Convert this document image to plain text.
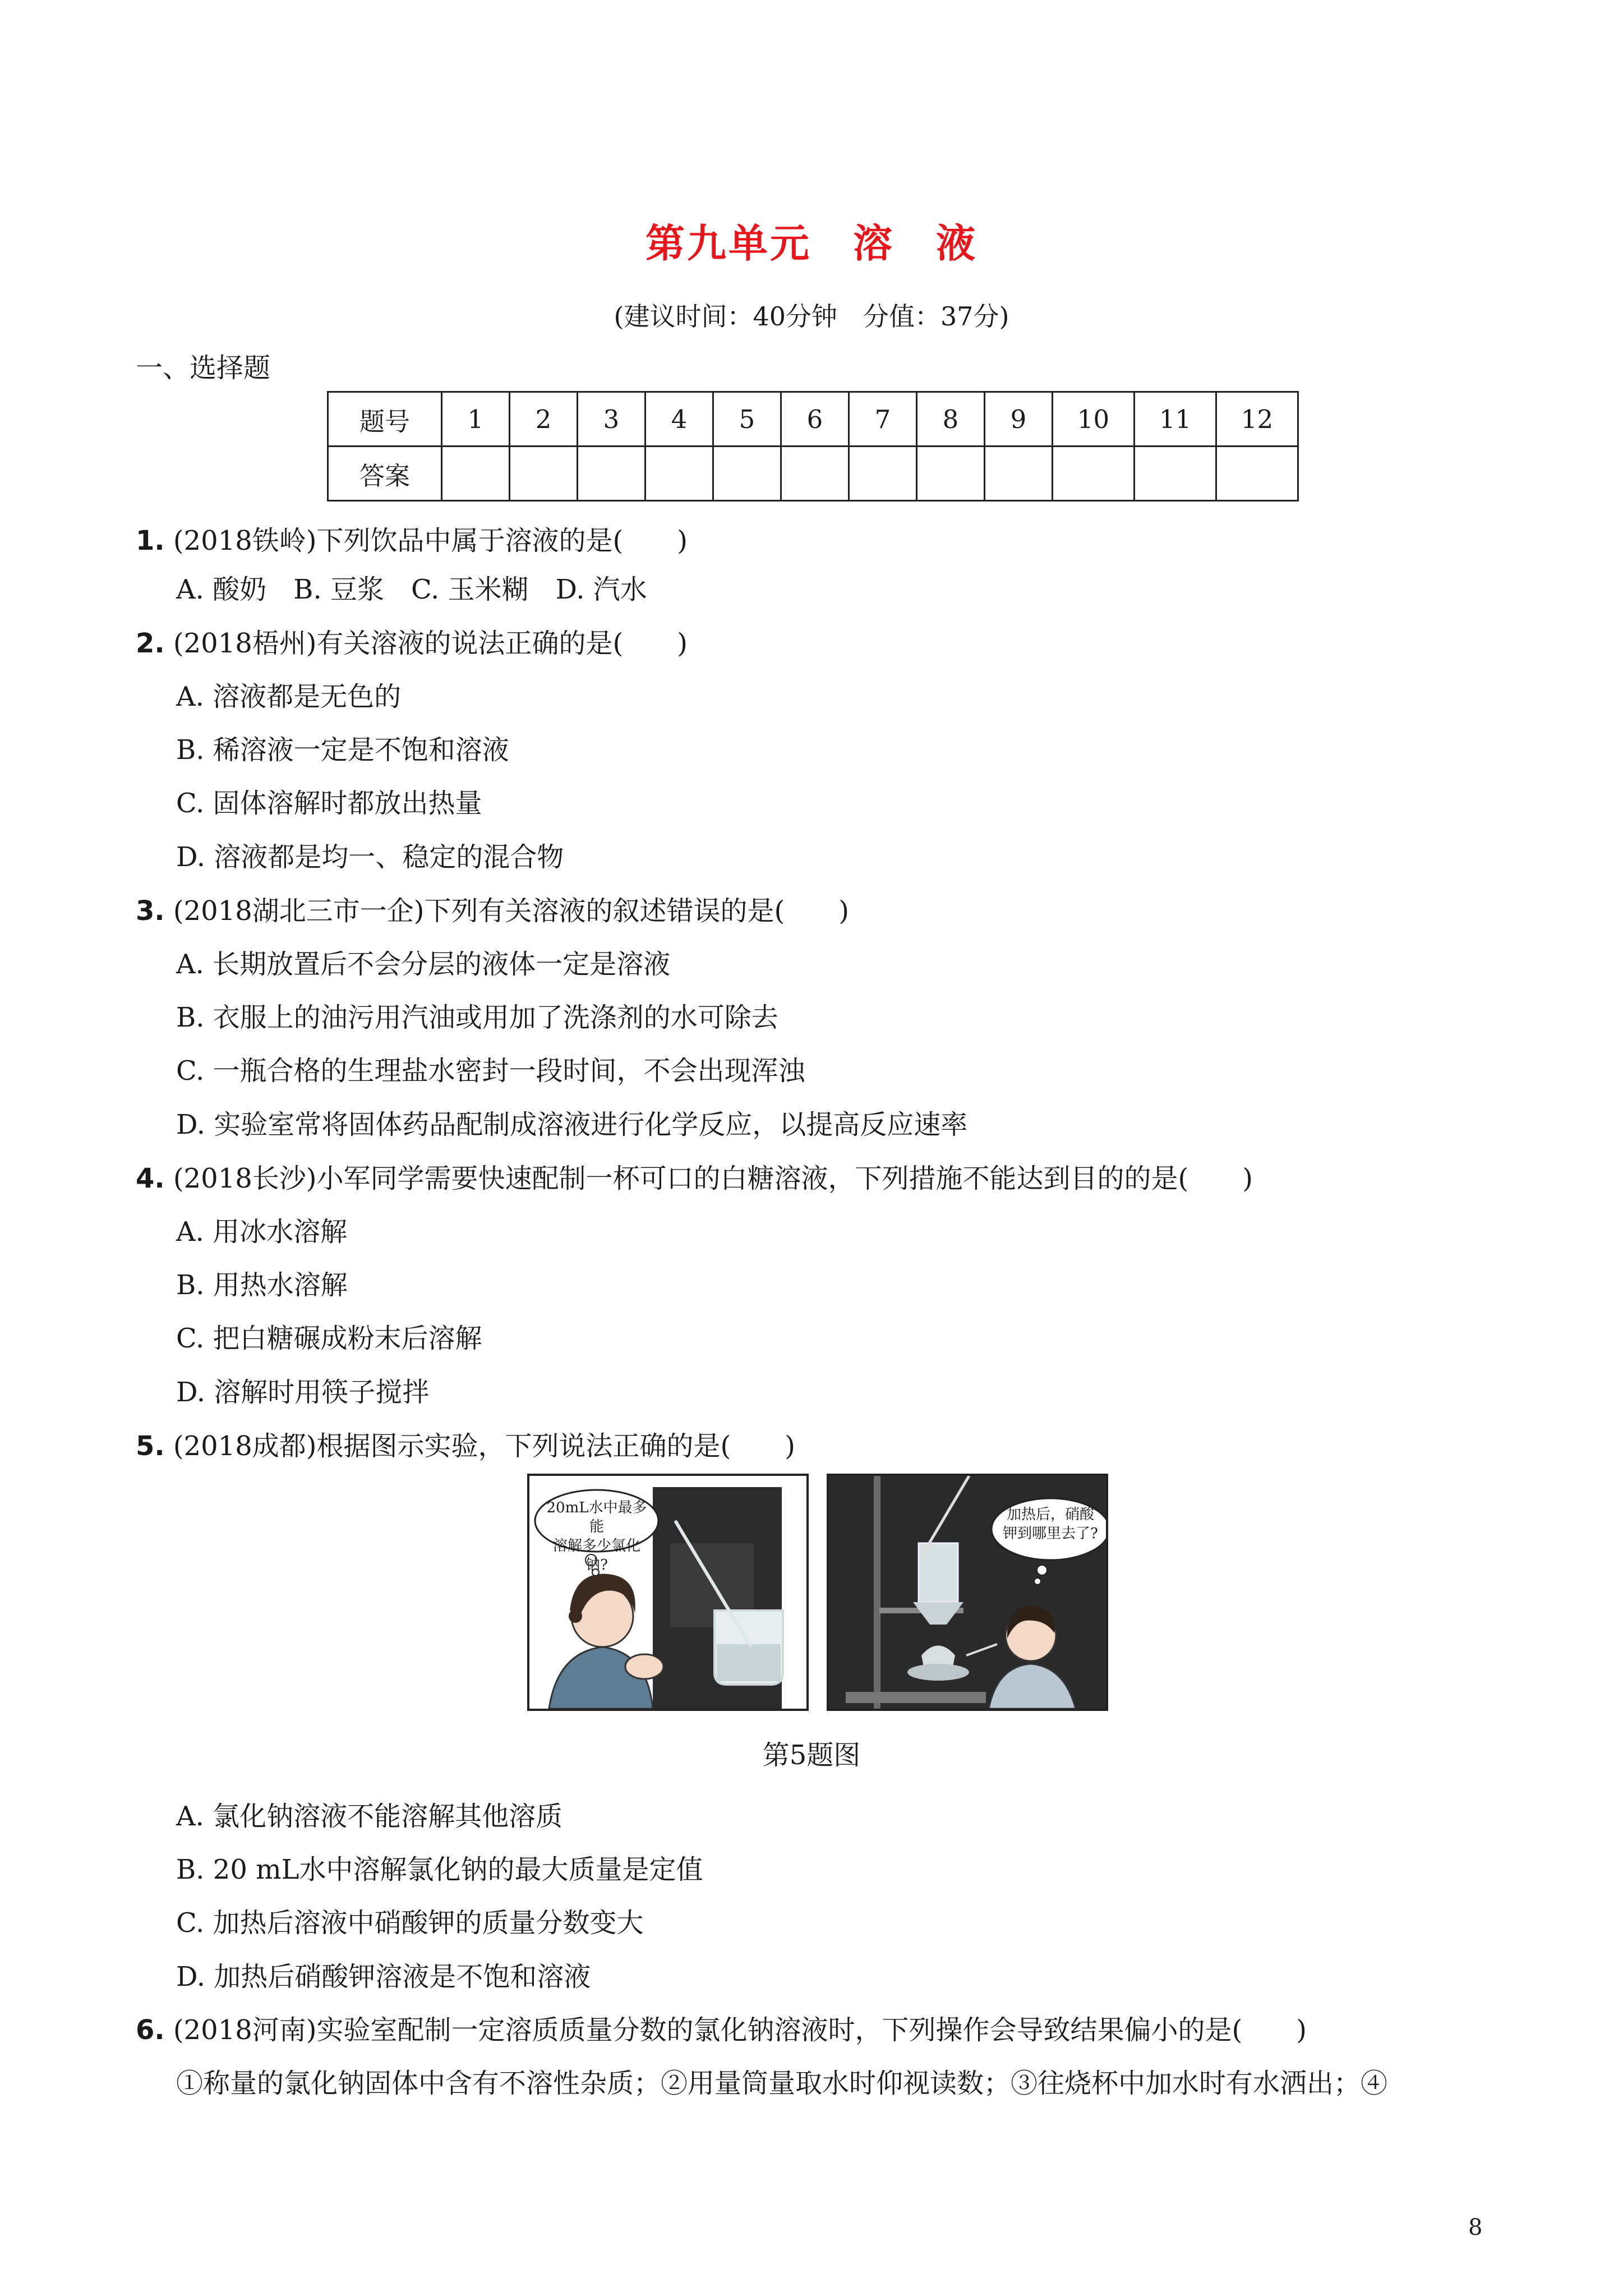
第九单元　溶　液
(建议时间：40分钟　分值：37分)
一、选择题
题号	1	2	3	4	5	6	7	8	9	10	11	12
答案												
1. (2018铁岭)下列饮品中属于溶液的是(　　)
A. 酸奶　B. 豆浆　C. 玉米糊　D. 汽水
2. (2018梧州)有关溶液的说法正确的是(　　)
A. 溶液都是无色的
B. 稀溶液一定是不饱和溶液
C. 固体溶解时都放出热量
D. 溶液都是均一、稳定的混合物
3. (2018湖北三市一企)下列有关溶液的叙述错误的是(　　)
A. 长期放置后不会分层的液体一定是溶液
B. 衣服上的油污用汽油或用加了洗涤剂的水可除去
C. 一瓶合格的生理盐水密封一段时间，不会出现浑浊
D. 实验室常将固体药品配制成溶液进行化学反应，以提高反应速率
4. (2018长沙)小军同学需要快速配制一杯可口的白糖溶液，下列措施不能达到目的的是(　　)
A. 用冰水溶解
B. 用热水溶解
C. 把白糖碾成粉末后溶解
D. 溶解时用筷子搅拌
5. (2018成都)根据图示实验，下列说法正确的是(　　)
20mL水中最多能
溶解多少氯化钠?
加热后，硝酸
钾到哪里去了?
第5题图
A. 氯化钠溶液不能溶解其他溶质
B. 20 mL水中溶解氯化钠的最大质量是定值
C. 加热后溶液中硝酸钾的质量分数变大
D. 加热后硝酸钾溶液是不饱和溶液
6. (2018河南)实验室配制一定溶质质量分数的氯化钠溶液时，下列操作会导致结果偏小的是(　　)
①称量的氯化钠固体中含有不溶性杂质；②用量筒量取水时仰视读数；③往烧杯中加水时有水洒出；④
8
